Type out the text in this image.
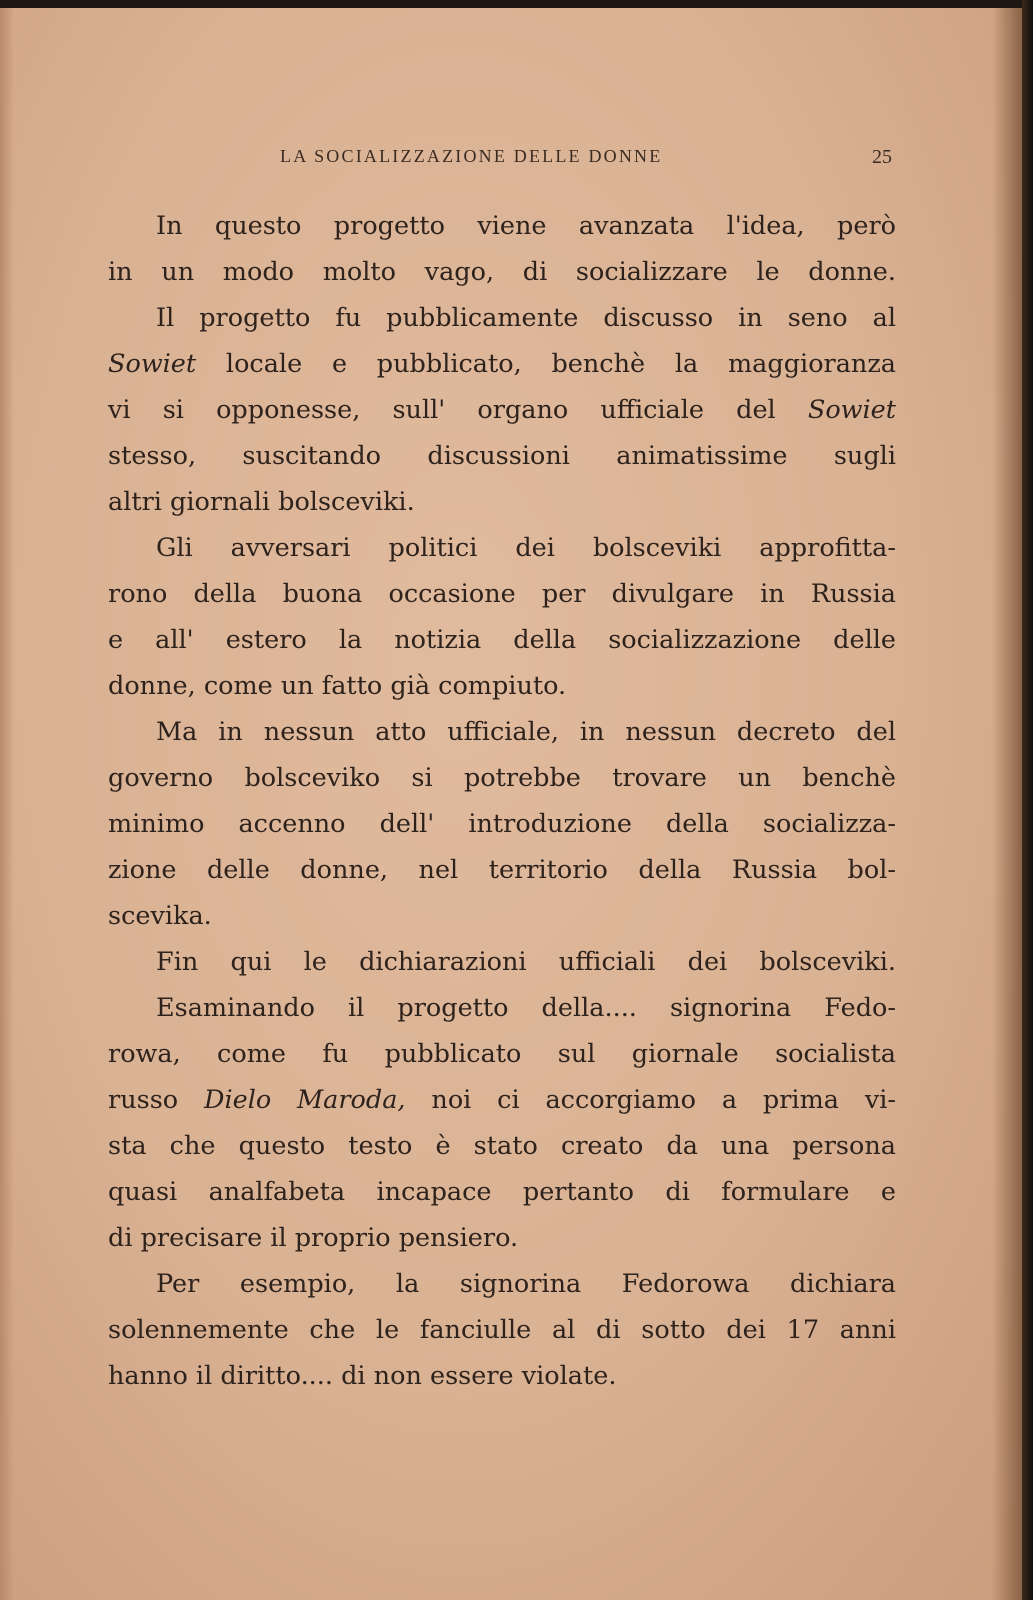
LA SOCIALIZZAZIONE DELLE DONNE	25
In questo progetto viene avanzata l'idea, però
in un modo molto vago, di socializzare le donne.
Il progetto fu pubblicamente discusso in seno al
Sowiet locale e pubblicato, benchè la maggioranza
vi si opponesse, sull' organo ufficiale del Sowiet
stesso, suscitando discussioni animatissime sugli
altri giornali bolsceviki.
Gli avversari politici dei bolsceviki approfitta-
rono della buona occasione per divulgare in Russia
e all' estero la notizia della socializzazione delle
donne, come un fatto già compiuto.
Ma in nessun atto ufficiale, in nessun decreto del
governo bolsceviko si potrebbe trovare un benchè
minimo accenno dell' introduzione della socializza-
zione delle donne, nel territorio della Russia bol-
scevika.
Fin qui le dichiarazioni ufficiali dei bolsceviki.
Esaminando il progetto della.... signorina Fedo-
rowa, come fu pubblicato sul giornale socialista
russo Dielo Maroda, noi ci accorgiamo a prima vi-
sta che questo testo è stato creato da una persona
quasi analfabeta incapace pertanto di formulare e
di precisare il proprio pensiero.
Per esempio, la signorina Fedorowa dichiara
solennemente che le fanciulle al di sotto dei 17 anni
hanno il diritto.... di non essere violate.
